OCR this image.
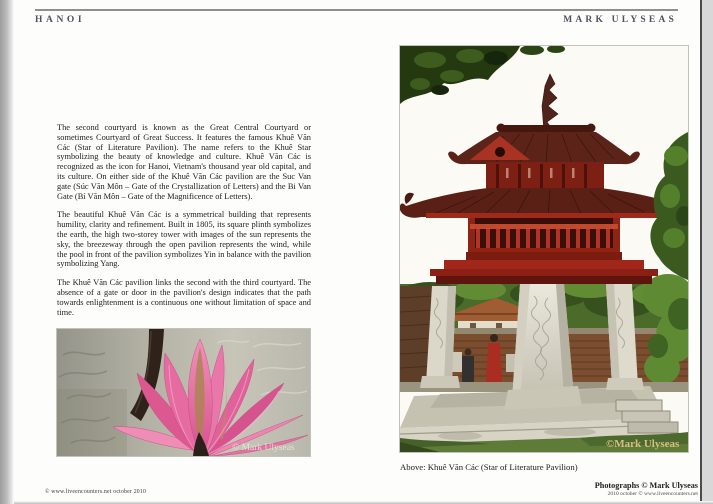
HANOI	MARK ULYSEAS

The second courtyard is known as the Great Central Courtyard or sometimes Courtyard of Great Success. It features the famous Khuê Văn Các (Star of Literature Pavilion). The name refers to the Khuê Star symbolizing the beauty of knowledge and culture. Khuê Văn Các is recognized as the icon for Hanoi, Vietnam's thousand year old capital, and its culture. On either side of the Khuê Văn Các pavilion are the Suc Van gate (Súc Văn Môn – Gate of the Crystallization of Letters) and the Bi Van Gate (Bí Văn Môn – Gate of the Magnificence of Letters).

The beautiful Khuê Văn Các is a symmetrical building that represents humility, clarity and refinement. Built in 1805, its square plinth symbolizes the earth, the high two-storey tower with images of the sun represents the sky, the breezeway through the open pavilion represents the wind, while the pool in front of the pavilion symbolizes Yin in balance with the pavilion symbolizing Yang.

The Khuê Văn Các pavilion links the second with the third courtyard. The absence of a gate or door in the pavilion's design indicates that the path towards enlightenment is a continuous one without limitation of space and time.

© Mark Ulyseas	©Mark Ulyseas
Above: Khuê Văn Các (Star of Literature Pavilion)
© www.liveencounters.net october 2010
Photographs © Mark Ulyseas
2010 october © www.liveencounters.net
